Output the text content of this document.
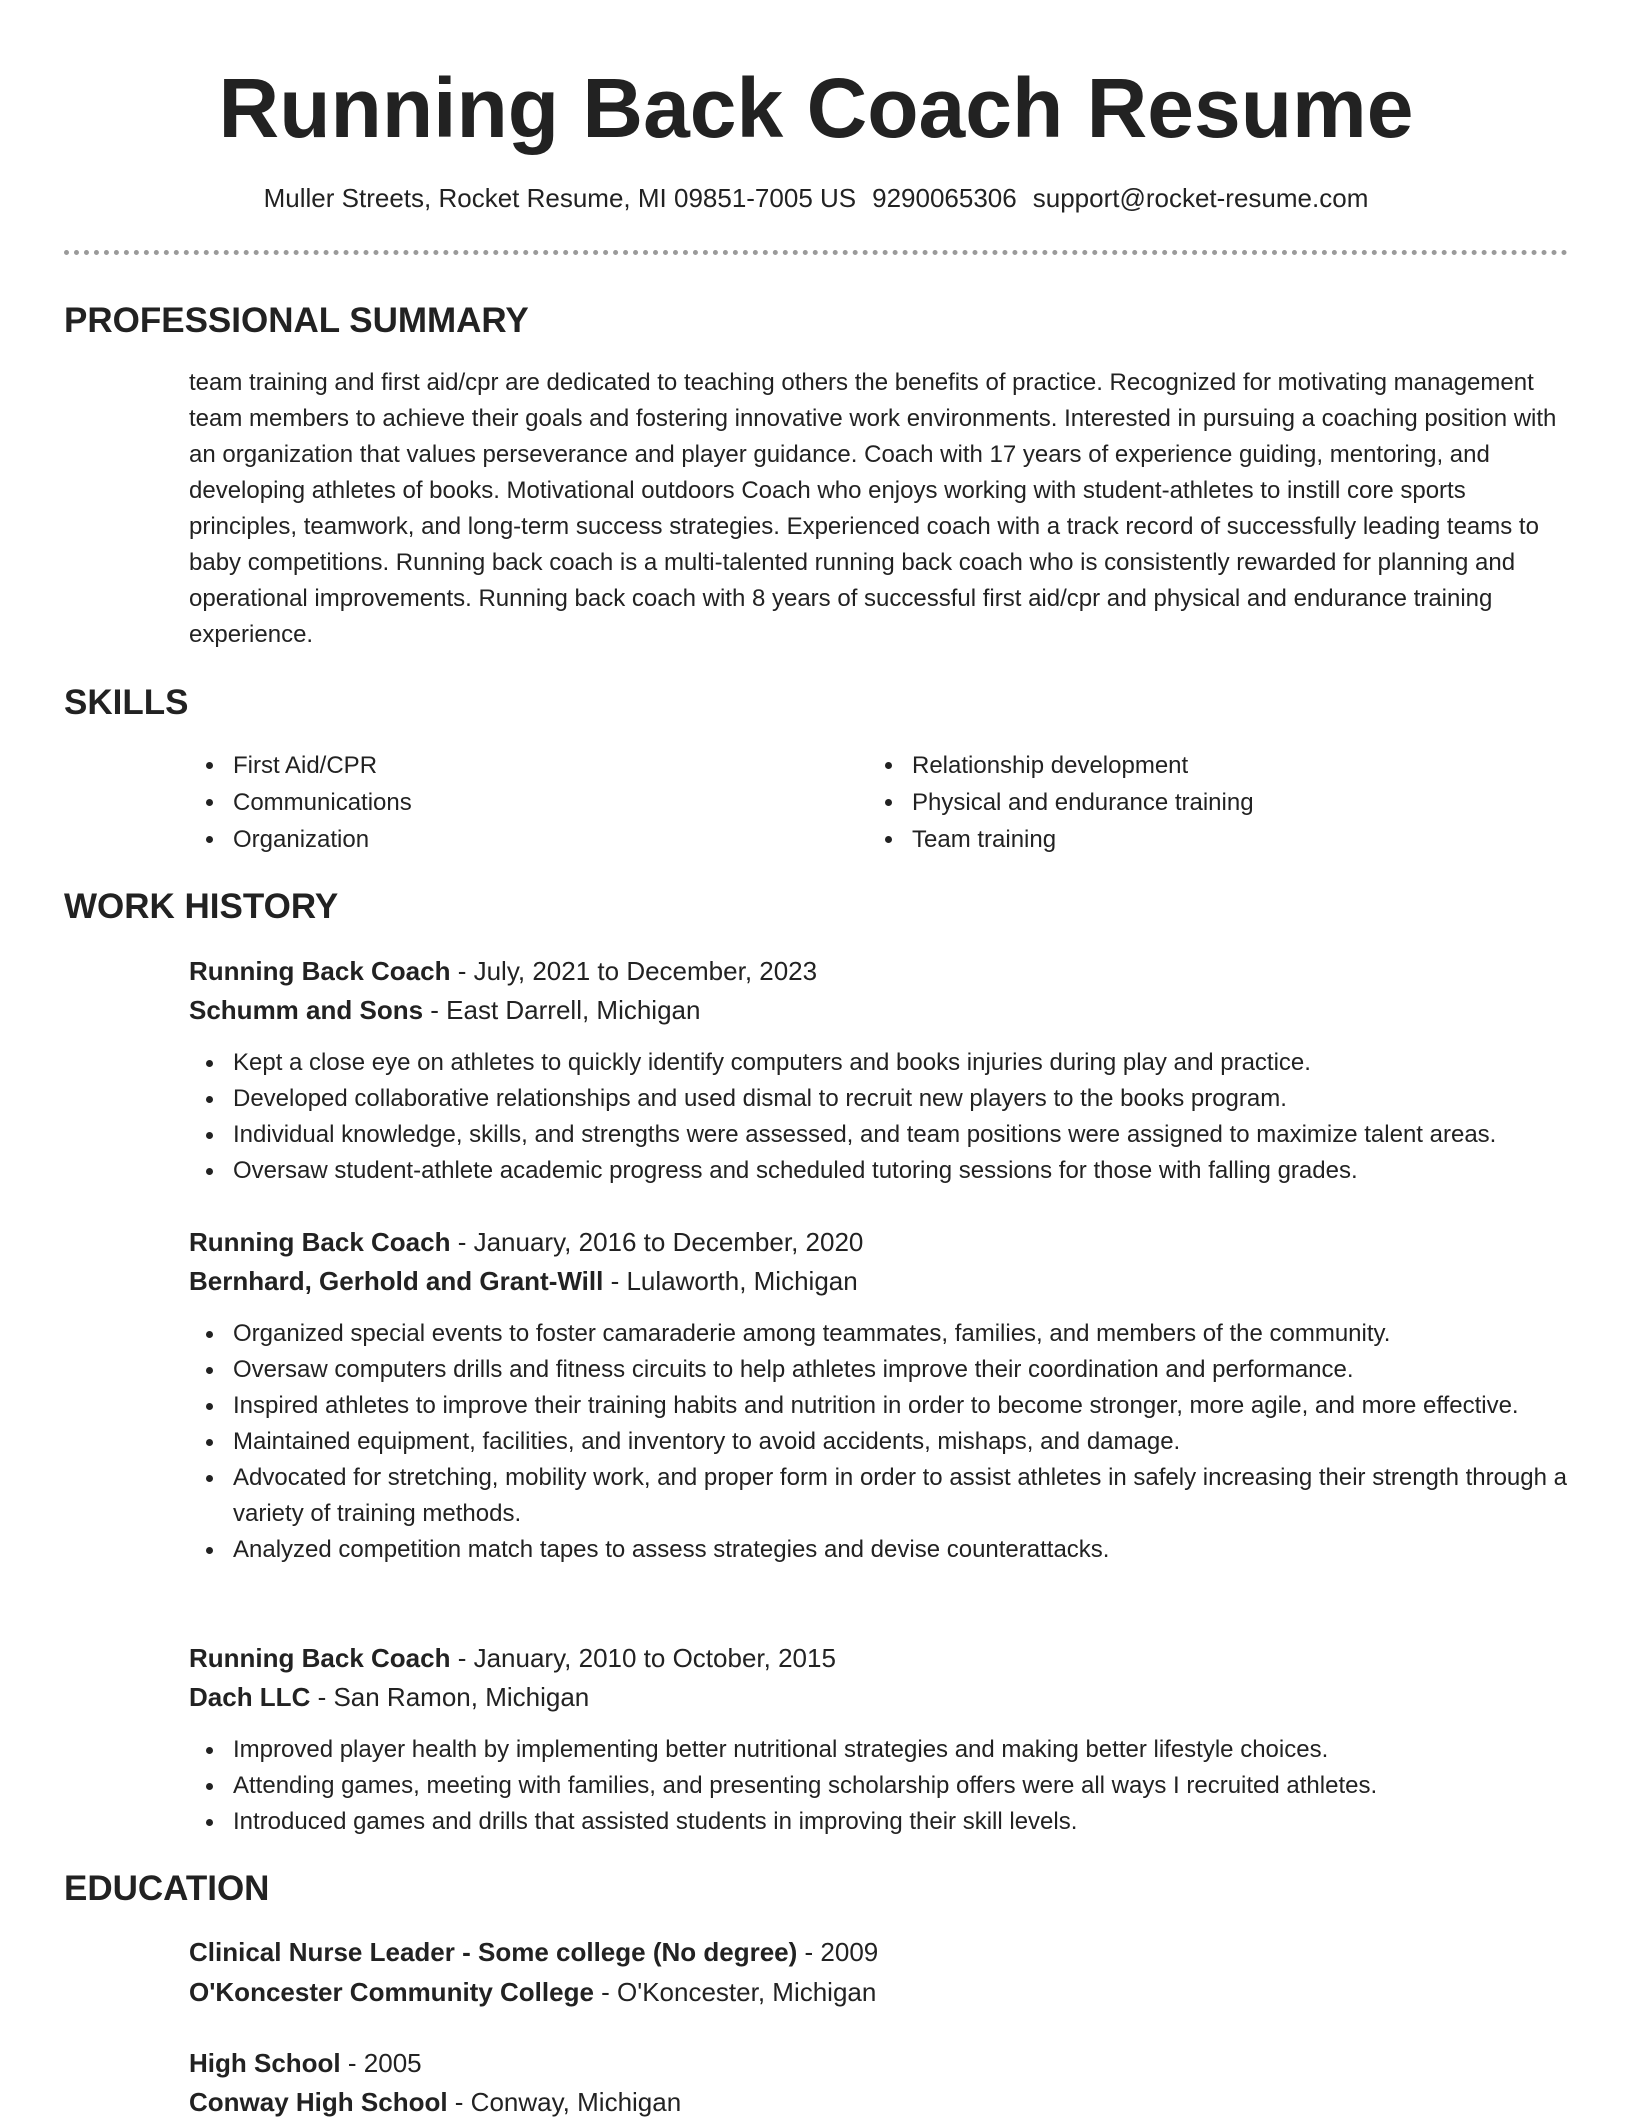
Running Back Coach Resume
Muller Streets, Rocket Resume, MI 09851-7005 US 9290065306 support@rocket-resume.com
PROFESSIONAL SUMMARY

team training and first aid/cpr are dedicated to teaching others the benefits of practice. Recognized for motivating management team members to achieve their goals and fostering innovative work environments. Interested in pursuing a coaching position with an organization that values perseverance and player guidance. Coach with 17 years of experience guiding, mentoring, and developing athletes of books. Motivational outdoors Coach who enjoys working with student-athletes to instill core sports principles, teamwork, and long-term success strategies. Experienced coach with a track record of successfully leading teams to baby competitions. Running back coach is a multi-talented running back coach who is consistently rewarded for planning and operational improvements. Running back coach with 8 years of successful first aid/cpr and physical and endurance training experience.

SKILLS
First Aid/CPR
Communications
Organization
Relationship development
Physical and endurance training
Team training
WORK HISTORY

Running Back Coach - July, 2021 to December, 2023

Schumm and Sons - East Darrell, Michigan

Kept a close eye on athletes to quickly identify computers and books injuries during play and practice.
Developed collaborative relationships and used dismal to recruit new players to the books program.
Individual knowledge, skills, and strengths were assessed, and team positions were assigned to maximize talent areas.
Oversaw student-athlete academic progress and scheduled tutoring sessions for those with falling grades.

Running Back Coach - January, 2016 to December, 2020

Bernhard, Gerhold and Grant-Will - Lulaworth, Michigan

Organized special events to foster camaraderie among teammates, families, and members of the community.
Oversaw computers drills and fitness circuits to help athletes improve their coordination and performance.
Inspired athletes to improve their training habits and nutrition in order to become stronger, more agile, and more effective.
Maintained equipment, facilities, and inventory to avoid accidents, mishaps, and damage.
Advocated for stretching, mobility work, and proper form in order to assist athletes in safely increasing their strength through a variety of training methods.
Analyzed competition match tapes to assess strategies and devise counterattacks.

Running Back Coach - January, 2010 to October, 2015

Dach LLC - San Ramon, Michigan

Improved player health by implementing better nutritional strategies and making better lifestyle choices.
Attending games, meeting with families, and presenting scholarship offers were all ways I recruited athletes.
Introduced games and drills that assisted students in improving their skill levels.
EDUCATION

Clinical Nurse Leader - Some college (No degree) - 2009

O'Koncester Community College - O'Koncester, Michigan

High School - 2005

Conway High School - Conway, Michigan
